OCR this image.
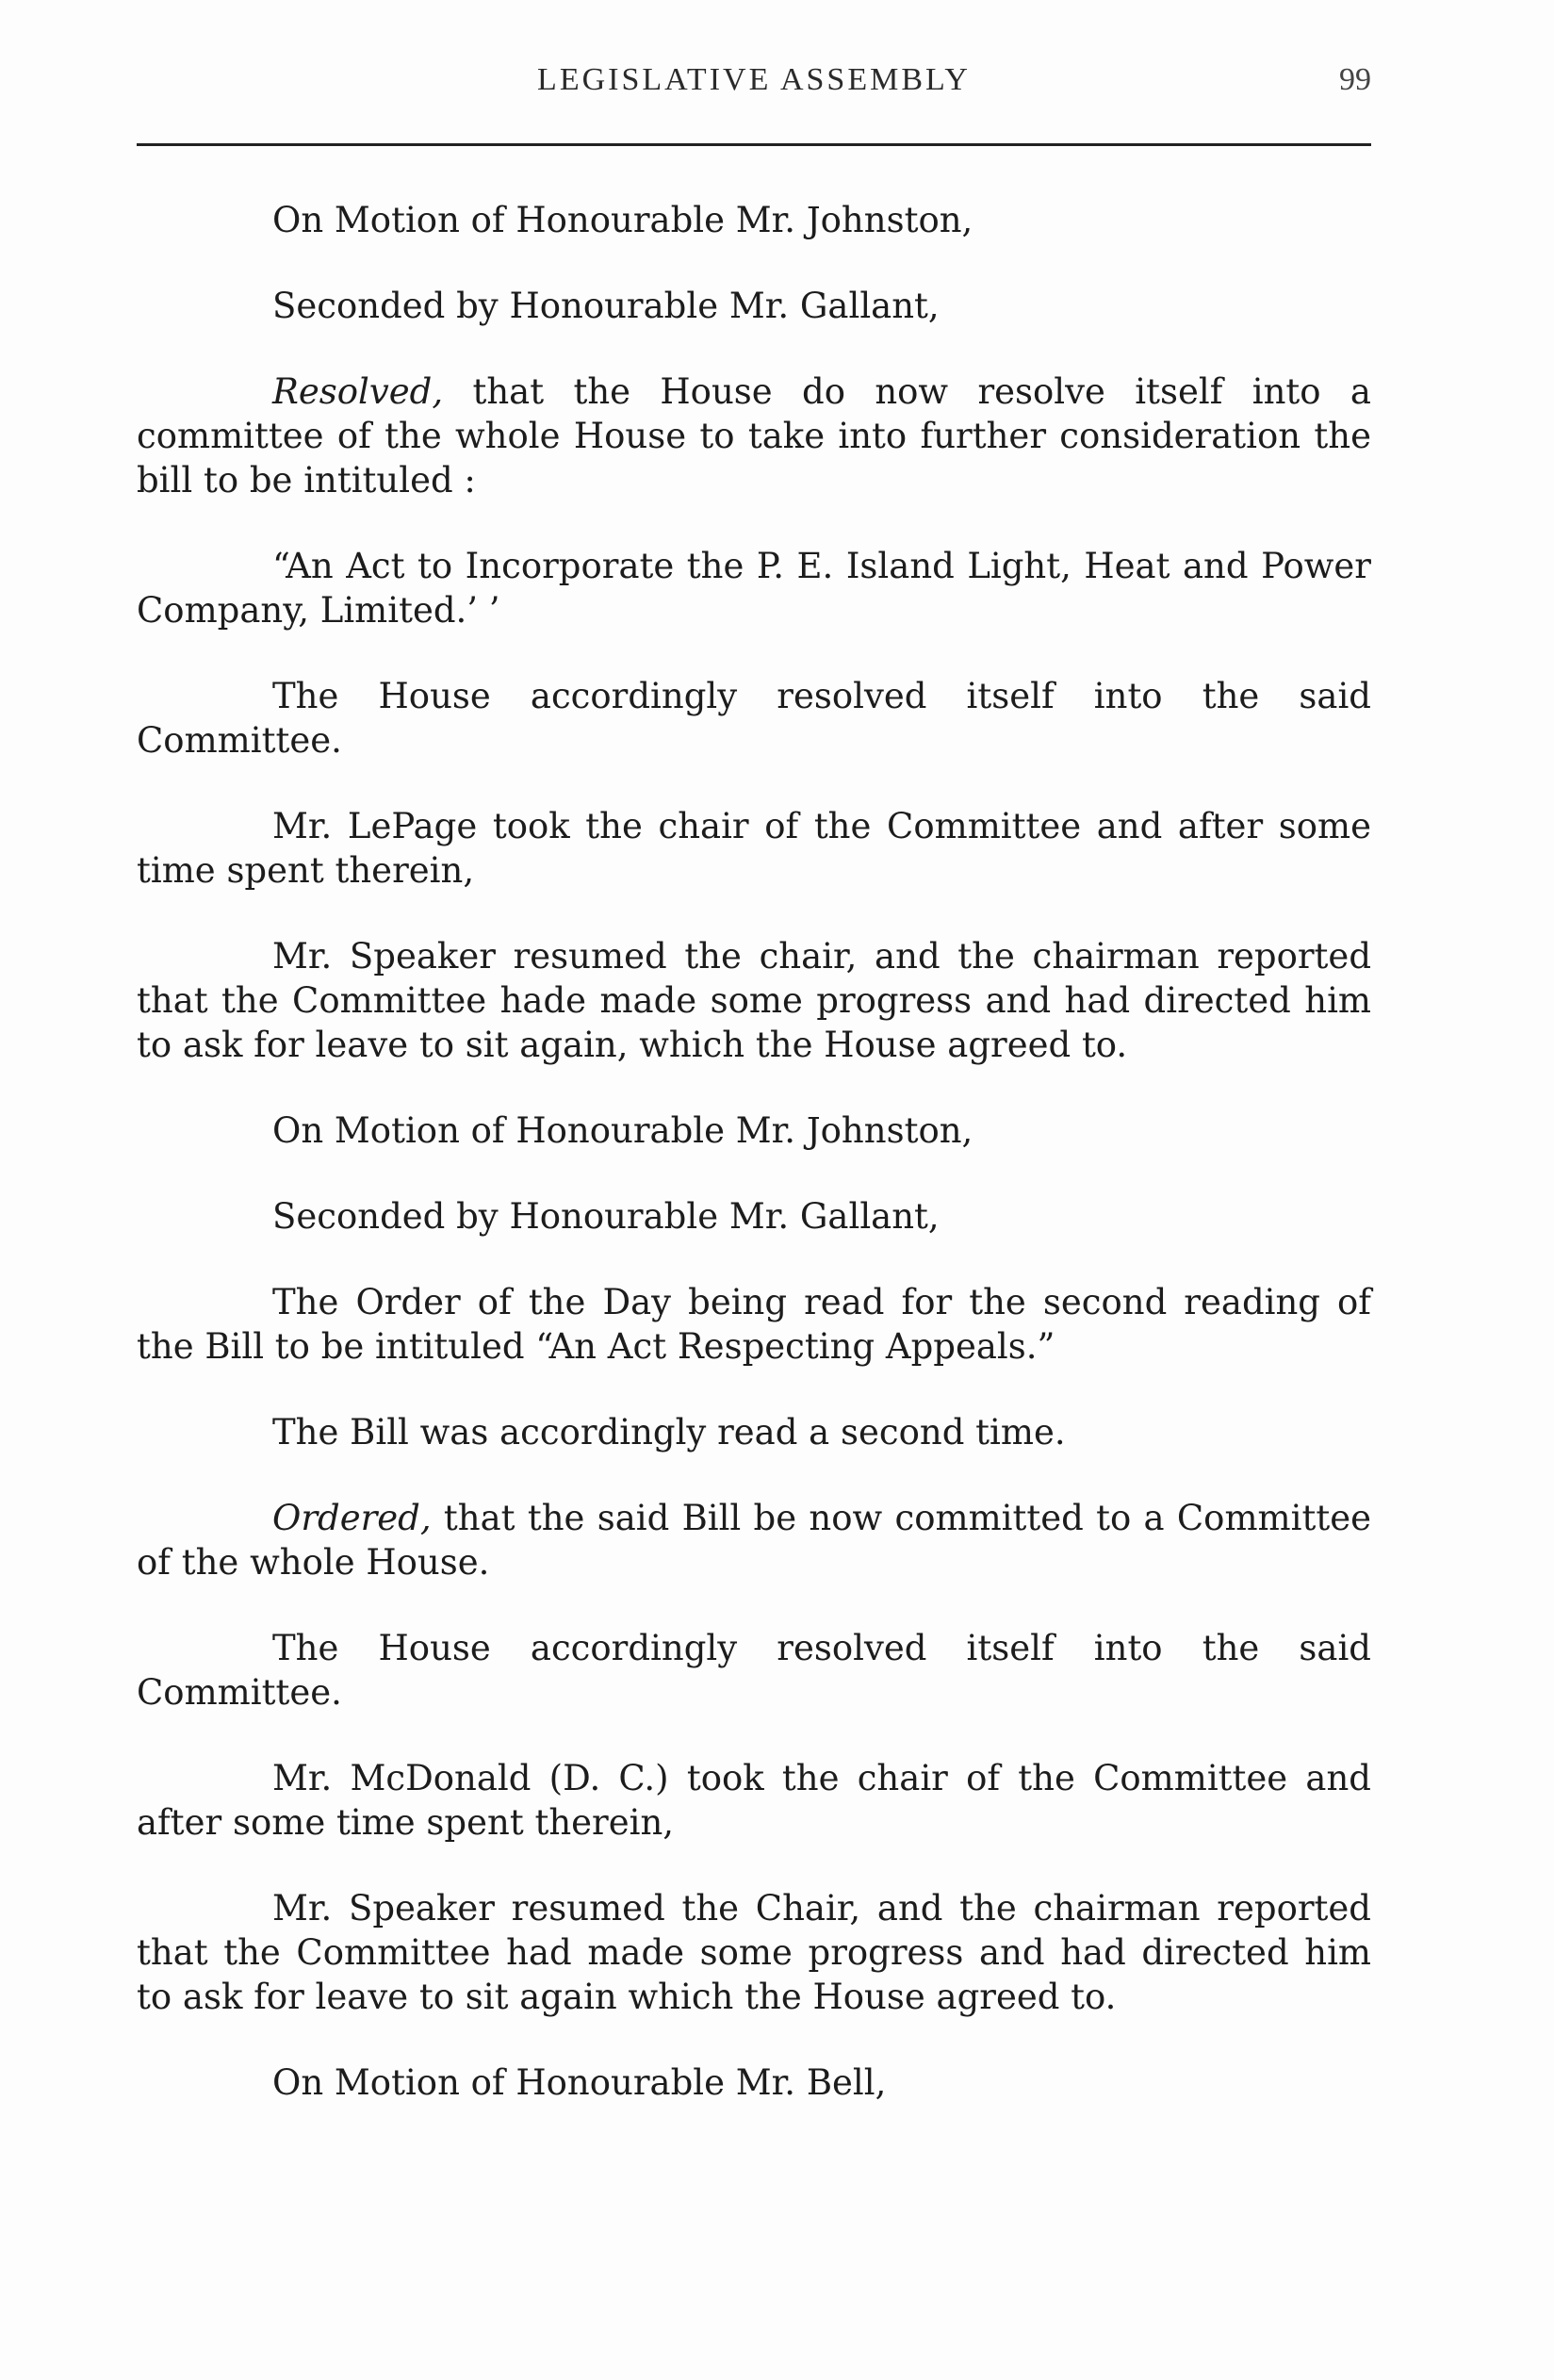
LEGISLATIVE ASSEMBLY	99

On Motion of Honourable Mr. Johnston,

Seconded by Honourable Mr. Gallant,

Resolved, that the House do now resolve itself into a committee of the whole House to take into further consideration the bill to be intituled :

“An Act to Incorporate the P. E. Island Light, Heat and Power Company, Limited.’ ’

The House accordingly resolved itself into the said Committee.

Mr. LePage took the chair of the Committee and after some time spent therein,

Mr. Speaker resumed the chair, and the chairman reported that the Committee hade made some progress and had directed him to ask for leave to sit again, which the House agreed to.

On Motion of Honourable Mr. Johnston,

Seconded by Honourable Mr. Gallant,

The Order of the Day being read for the second reading of the Bill to be intituled “An Act Respecting Appeals.”

The Bill was accordingly read a second time.

Ordered, that the said Bill be now committed to a Committee of the whole House.

The House accordingly resolved itself into the said Committee.

Mr. McDonald (D. C.) took the chair of the Committee and after some time spent therein,

Mr. Speaker resumed the Chair, and the chairman reported that the Committee had made some progress and had directed him to ask for leave to sit again which the House agreed to.

On Motion of Honourable Mr. Bell,
